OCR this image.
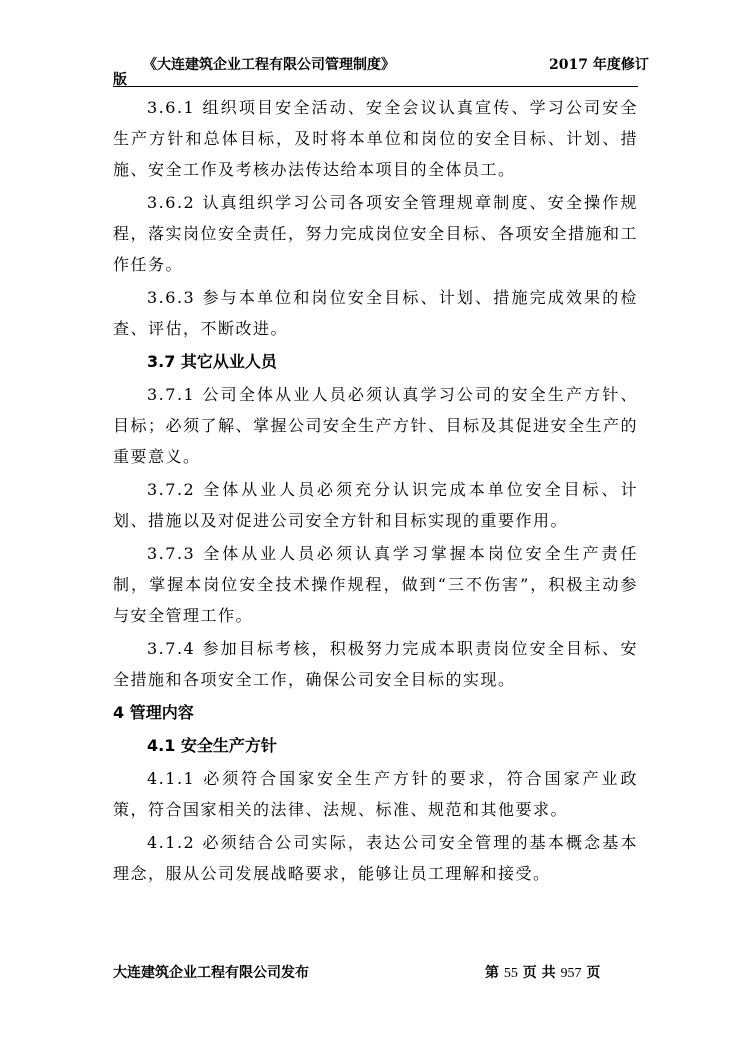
《大连建筑企业工程有限公司管理制度》	2017 年度修订
版

3.6.1 组织项目安全活动、安全会议认真宣传、学习公司安全生产方针和总体目标，及时将本单位和岗位的安全目标、计划、措施、安全工作及考核办法传达给本项目的全体员工。

3.6.2 认真组织学习公司各项安全管理规章制度、安全操作规程，落实岗位安全责任，努力完成岗位安全目标、各项安全措施和工作任务。

3.6.3 参与本单位和岗位安全目标、计划、措施完成效果的检查、评估，不断改进。

3.7 其它从业人员

3.7.1 公司全体从业人员必须认真学习公司的安全生产方针、目标；必须了解、掌握公司安全生产方针、目标及其促进安全生产的重要意义。

3.7.2 全体从业人员必须充分认识完成本单位安全目标、计划、措施以及对促进公司安全方针和目标实现的重要作用。

3.7.3 全体从业人员必须认真学习掌握本岗位安全生产责任制，掌握本岗位安全技术操作规程，做到“三不伤害”，积极主动参与安全管理工作。

3.7.4 参加目标考核，积极努力完成本职责岗位安全目标、安全措施和各项安全工作，确保公司安全目标的实现。

4 管理内容
4.1 安全生产方针

4.1.1 必须符合国家安全生产方针的要求，符合国家产业政策，符合国家相关的法律、法规、标准、规范和其他要求。

4.1.2 必须结合公司实际，表达公司安全管理的基本概念基本理念，服从公司发展战略要求，能够让员工理解和接受。

大连建筑企业工程有限公司发布	第 55 页 共 957 页
